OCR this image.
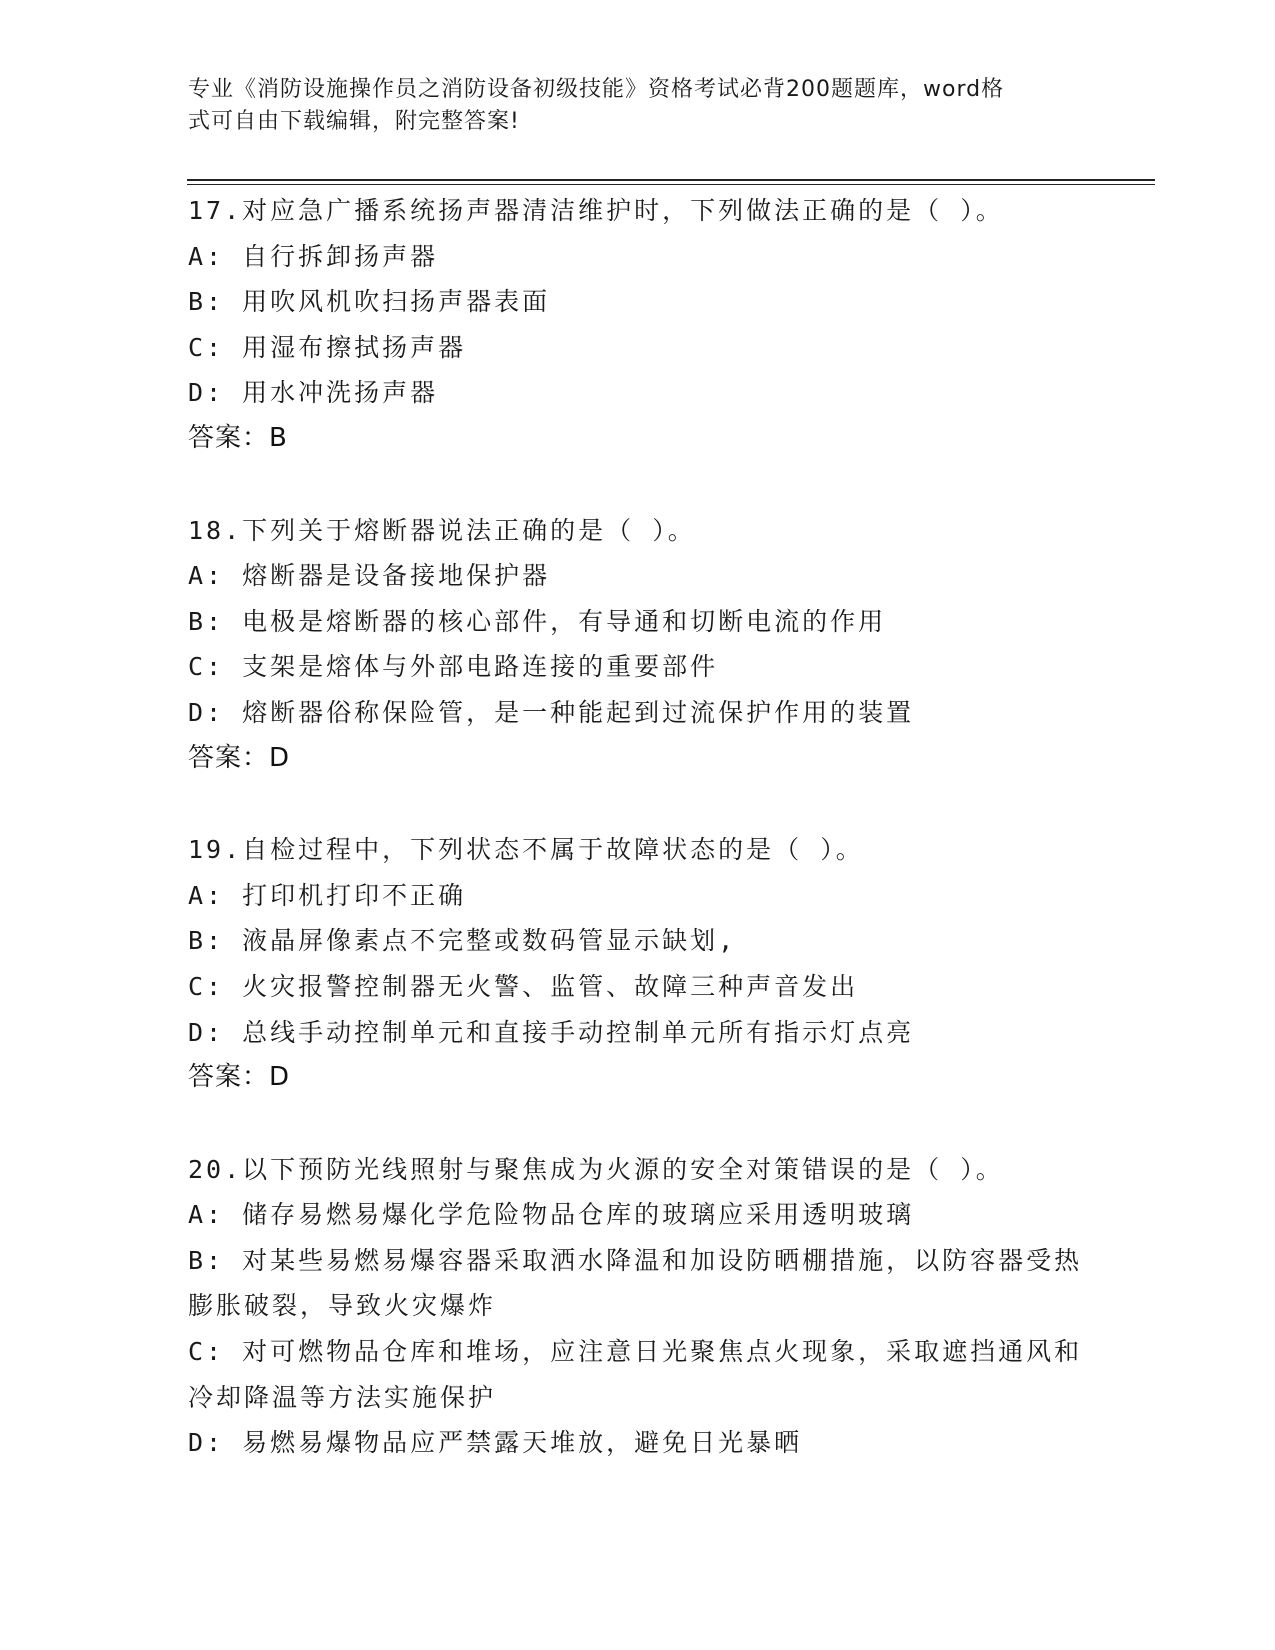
专业《消防设施操作员之消防设备初级技能》资格考试必背200题题库，word格
式可自由下载编辑，附完整答案!
17.对应急广播系统扬声器清洁维护时，下列做法正确的是（ ）。
A: 自行拆卸扬声器
B: 用吹风机吹扫扬声器表面
C: 用湿布擦拭扬声器
D: 用水冲洗扬声器
答案：B
18.下列关于熔断器说法正确的是（ ）。
A: 熔断器是设备接地保护器
B: 电极是熔断器的核心部件，有导通和切断电流的作用
C: 支架是熔体与外部电路连接的重要部件
D: 熔断器俗称保险管，是一种能起到过流保护作用的装置
答案：D
19.自检过程中，下列状态不属于故障状态的是（ ）。
A: 打印机打印不正确
B: 液晶屏像素点不完整或数码管显示缺划,
C: 火灾报警控制器无火警、监管、故障三种声音发出
D: 总线手动控制单元和直接手动控制单元所有指示灯点亮
答案：D
20.以下预防光线照射与聚焦成为火源的安全对策错误的是（ ）。
A: 储存易燃易爆化学危险物品仓库的玻璃应采用透明玻璃
B: 对某些易燃易爆容器采取洒水降温和加设防晒棚措施，以防容器受热膨胀破裂，导致火灾爆炸
C: 对可燃物品仓库和堆场，应注意日光聚焦点火现象，采取遮挡通风和冷却降温等方法实施保护
D: 易燃易爆物品应严禁露天堆放，避免日光暴晒
